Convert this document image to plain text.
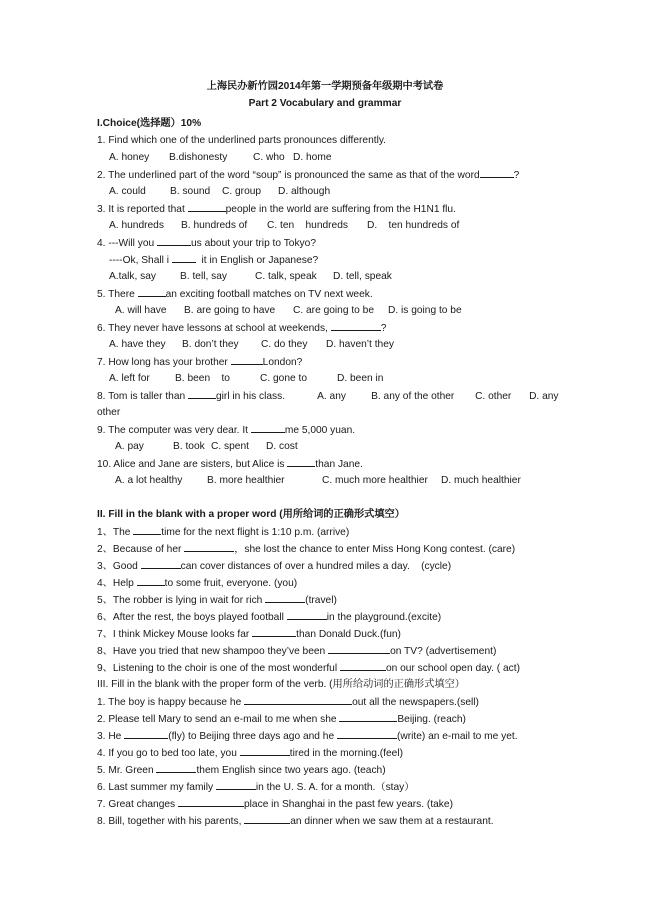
上海民办新竹园2014年第一学期预备年级期中考试卷
Part 2 Vocabulary and grammar
I.Choice(选择题）10%
1. Find which one of the underlined parts pronounces differently.
A. honey B.dishonesty	C. who D. home
2. The underlined part of the word “soup” is pronounced the same as that of the word	?
A. could B. sound C. group D. although
3. It is reported that	people in the world are suffering from the H1N1 flu.
A. hundreds B. hundreds of C. ten    hundreds D.    ten hundreds of
4. ---Will you	us about your trip to Tokyo?
----Ok, Shall i	it in English or Japanese?
A.talk, say B. tell, say	C. talk, speak D. tell, speak
5. There	an exciting football matches on TV next week.
A. will have B. are going to have C. are going to be D. is going to be
6. They never have lessons at school at weekends,	?
A. have they B. don’t they C. do they D. haven’t they
7. How long has your brother	London?
A. left for B. been    to	C. gone to	D. been in
8. Tom is taller than	girl in his class.	A. any B. any of the other C. other D. any
other
9. The computer was very dear. It	me 5,000 yuan.
A. pay	B. took C. spent D. cost
10. Alice and Jane are sisters, but Alice is	than Jane.
A. a lot healthy B. more healthier	C. much more healthier D. much healthier
II. Fill in the blank with a proper word (用所给词的正确形式填空）
1、The	time for the next flight is 1:10 p.m. (arrive)
2、Because of her	，she lost the chance to enter Miss Hong Kong contest. (care)
3、Good	can cover distances of over a hundred miles a day.    (cycle)
4、Help	to some fruit, everyone. (you)
5、The robber is lying in wait for rich	(travel)
6、After the rest, the boys played football	in the playground.(excite)
7、I think Mickey Mouse looks far	than Donald Duck.(fun)
8、Have you tried that new shampoo they’ve been	on TV? (advertisement)
9、Listening to the choir is one of the most wonderful	on our school open day. ( act)
III. Fill in the blank with the proper form of the verb. (用所给动词的正确形式填空）
1. The boy is happy because he	out all the newspapers.(sell)
2. Please tell Mary to send an e-mail to me when she	Beijing. (reach)
3. He	(fly) to Beijing three days ago and he	(write) an e-mail to me yet.
4. If you go to bed too late, you	tired in the morning.(feel)
5. Mr. Green	them English since two years ago. (teach)
6. Last summer my family	in the U. S. A. for a month.（stay）
7. Great changes	place in Shanghai in the past few years. (take)
8. Bill, together with his parents,	an dinner when we saw them at a restaurant.
